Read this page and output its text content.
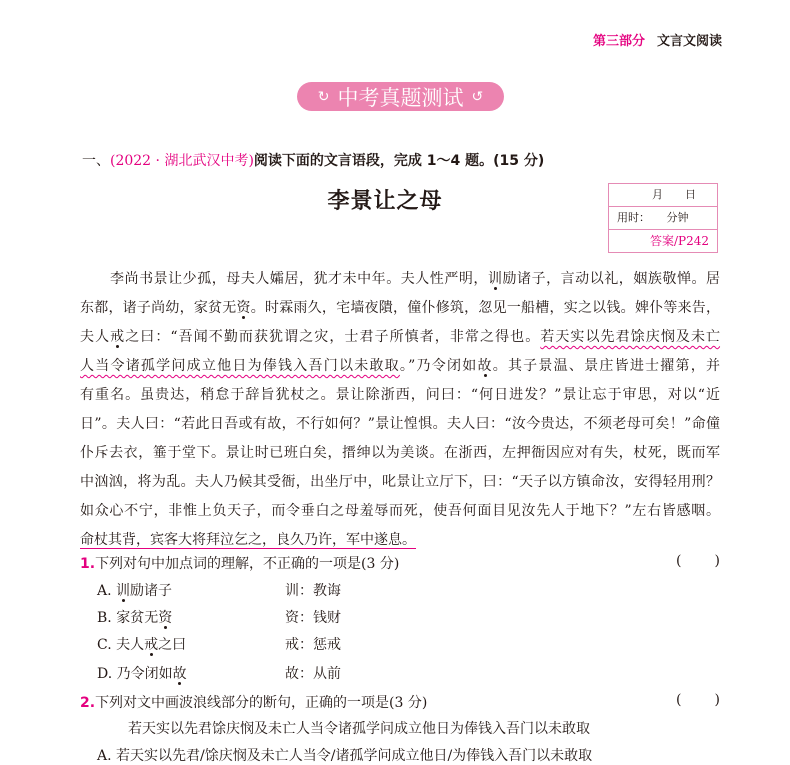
第三部分 文言文阅读
↻ 中考真题测试 ↺
一、(2022 · 湖北武汉中考)阅读下面的文言语段，完成 1～4 题。(15 分)
李景让之母	月　　日
用时：　　分钟
答案/P242
李尚书景让少孤，母夫人孀居，犹才未中年。夫人性严明，训励诸子，言动以礼，姻族敬惮。居
东都，诸子尚幼，家贫无资。时霖雨久，宅墙夜隤，僮仆修筑，忽见一船槽，实之以钱。婢仆等来告，
夫人戒之曰：“吾闻不勤而获犹谓之灾，士君子所慎者，非常之得也。若天实以先君馀庆悯及未亡
人当令诸孤学问成立他日为俸钱入吾门以未敢取。”乃令闭如故。其子景温、景庄皆进士擢第，并
有重名。虽贵达，稍怠于辞旨犹杖之。景让除浙西，问曰：“何日进发？”景让忘于审思，对以“近
日”。夫人曰：“若此日吾或有故，不行如何？”景让惶惧。夫人曰：“汝今贵达，不须老母可矣！”命僮
仆斥去衣，箠于堂下。景让时已班白矣，搢绅以为美谈。在浙西，左押衙因应对有失，杖死，既而军
中汹汹，将为乱。夫人乃候其受衙，出坐厅中，叱景让立厅下，曰：“天子以方镇命汝，安得轻用刑？
如众心不宁，非惟上负天子，而令垂白之母羞辱而死，使吾何面目见汝先人于地下？”左右皆感咽。
命杖其背，宾客大将拜泣乞之，良久乃许，军中遂息。
1.下列对句中加点词的理解，不正确的一项是(3 分)	( )
A. 训励诸子	训：教诲
B. 家贫无资	资：钱财
C. 夫人戒之曰	戒：惩戒
D. 乃令闭如故	故：从前
2.下列对文中画波浪线部分的断句，正确的一项是(3 分)	( )
若天实以先君馀庆悯及未亡人当令诸孤学问成立他日为俸钱入吾门以未敢取
A. 若天实以先君/馀庆悯及未亡人当令/诸孤学问成立他日/为俸钱入吾门以未敢取
